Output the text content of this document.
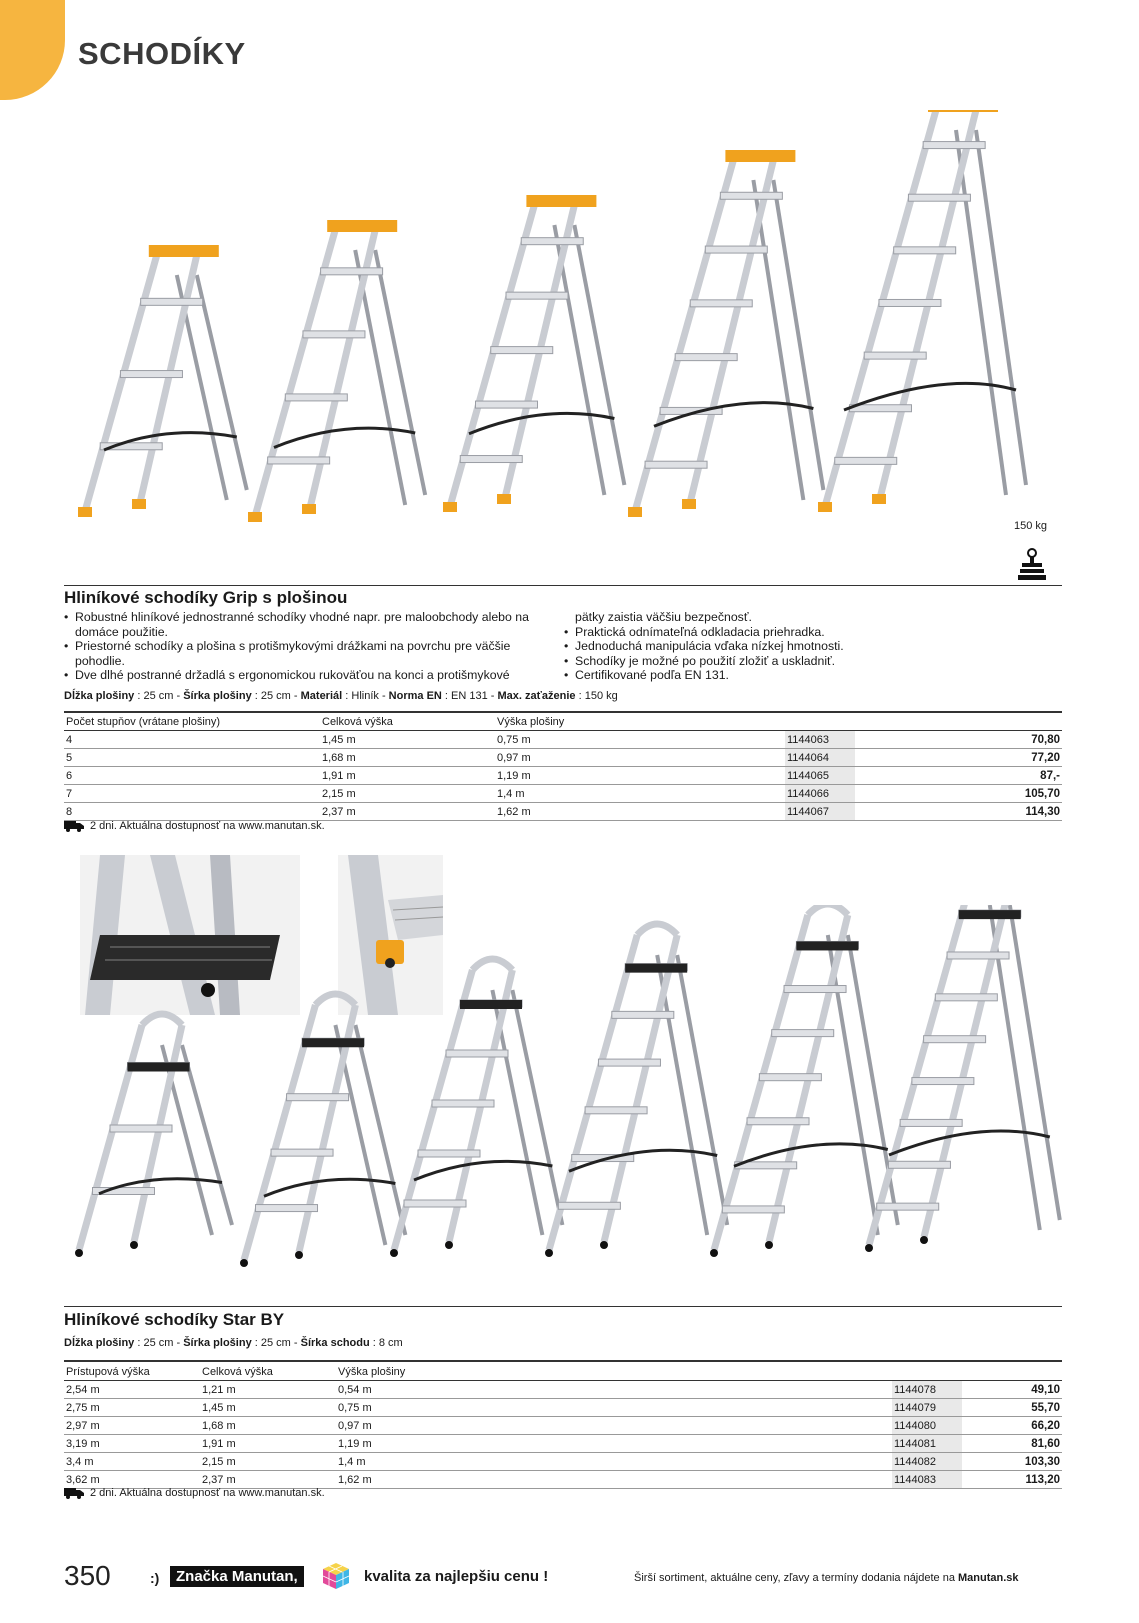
SCHODÍKY
150 kg
Hliníkové schodíky Grip s plošinou
• Robustné hliníkové jednostranné schodíky vhodné napr. pre maloobchody alebo na
domáce použitie.
• Priestorné schodíky a plošina s protišmykovými drážkami na povrchu pre väčšie
pohodlie.
• Dve dlhé postranné držadlá s ergonomickou rukoväťou na konci a protišmykové
pätky zaistia väčšiu bezpečnosť.
• Praktická odnímateľná odkladacia priehradka.
• Jednoduchá manipulácia vďaka nízkej hmotnosti.
• Schodíky je možné po použití zložiť a uskladniť.
• Certifikované podľa EN 131.
Dĺžka plošiny : 25 cm - Šírka plošiny : 25 cm - Materiál : Hliník - Norma EN : EN 131 - Max. zaťaženie : 150 kg
Počet stupňov (vrátane plošiny)	Celková výška	Výška plošiny		
4	1,45 m	0,75 m	1144063	70,80
5	1,68 m	0,97 m	1144064	77,20
6	1,91 m	1,19 m	1144065	87,-
7	2,15 m	1,4 m	1144066	105,70
8	2,37 m	1,62 m	1144067	114,30
2 dni. Aktuálna dostupnosť na www.manutan.sk.
Hliníkové schodíky Star BY
Dĺžka plošiny : 25 cm - Šírka plošiny : 25 cm - Šírka schodu : 8 cm
Prístupová výška	Celková výška	Výška plošiny		
2,54 m	1,21 m	0,54 m	1144078	49,10
2,75 m	1,45 m	0,75 m	1144079	55,70
2,97 m	1,68 m	0,97 m	1144080	66,20
3,19 m	1,91 m	1,19 m	1144081	81,60
3,4 m	2,15 m	1,4 m	1144082	103,30
3,62 m	2,37 m	1,62 m	1144083	113,20
2 dni. Aktuálna dostupnosť na www.manutan.sk.
350	:)	Značka Manutan,	kvalita za najlepšiu cenu !	Širší sortiment, aktuálne ceny, zľavy a termíny dodania nájdete na Manutan.sk
